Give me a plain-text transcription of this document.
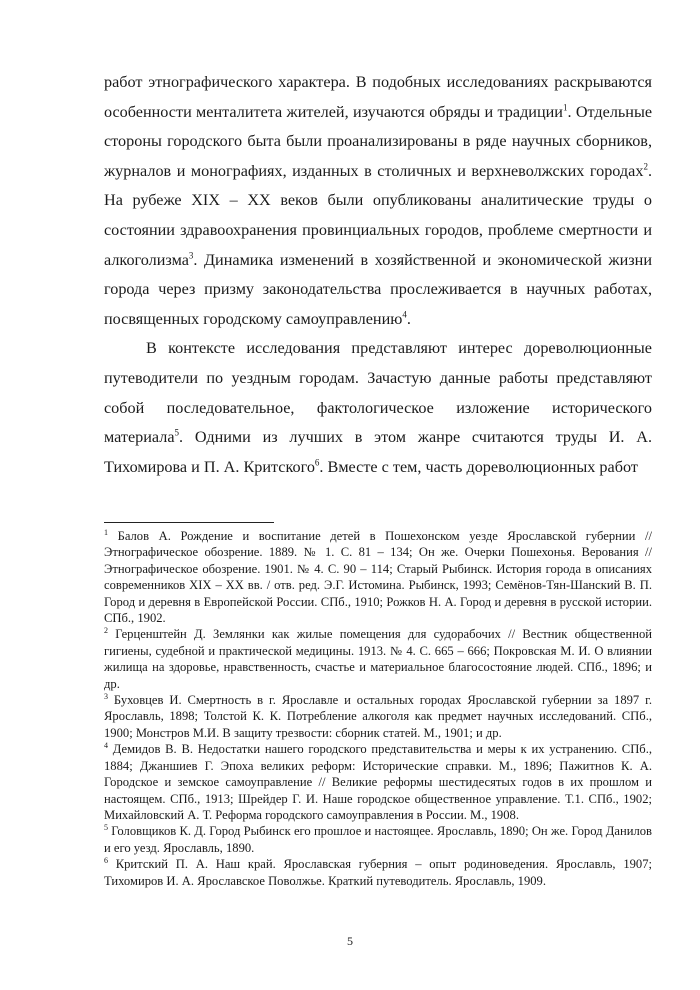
работ этнографического характера. В подобных исследованиях раскрываются особенности менталитета жителей, изучаются обряды и традиции$^1$. Отдельные стороны городского быта были проанализированы в ряде научных сборников, журналов и монографиях, изданных в столичных и верхневолжских городах$^2$. На рубеже XIX – XX веков были опубликованы аналитические труды о состоянии здравоохранения провинциальных городов, проблеме смертности и алкоголизма$^3$. Динамика изменений в хозяйственной и экономической жизни города через призму законодательства прослеживается в научных работах, посвященных городскому самоуправлению$^4$.

В контексте исследования представляют интерес дореволюционные путеводители по уездным городам. Зачастую данные работы представляют собой последовательное, фактологическое изложение исторического материала$^5$. Одними из лучших в этом жанре считаются труды И. А. Тихомирова и П. А. Критского$^6$. Вместе с тем, часть дореволюционных работ

$^1$ Балов А. Рождение и воспитание детей в Пошехонском уезде Ярославской губернии // Этнографическое обозрение. 1889. № 1. С. 81 – 134; Он же. Очерки Пошехонья. Верования // Этнографическое обозрение. 1901. № 4. С. 90 – 114; Старый Рыбинск. История города в описаниях современников XIX – XX вв. / отв. ред. Э.Г. Истомина. Рыбинск, 1993; Семёнов-Тян-Шанский В. П. Город и деревня в Европейской России. СПб., 1910; Рожков Н. А. Город и деревня в русской истории. СПб., 1902.

$^2$ Герценштейн Д. Землянки как жилые помещения для судорабочих // Вестник общественной гигиены, судебной и практической медицины. 1913. № 4. С. 665 – 666; Покровская М. И. О влиянии жилища на здоровье, нравственность, счастье и материальное благосостояние людей. СПб., 1896; и др.

$^3$ Буховцев И. Смертность в г. Ярославле и остальных городах Ярославской губернии за 1897 г. Ярославль, 1898; Толстой К. К. Потребление алкоголя как предмет научных исследований. СПб., 1900; Монстров М.И. В защиту трезвости: сборник статей. М., 1901; и др.

$^4$ Демидов В. В. Недостатки нашего городского представительства и меры к их устранению. СПб., 1884; Джаншиев Г. Эпоха великих реформ: Исторические справки. М., 1896; Пажитнов К. А. Городское и земское самоуправление // Великие реформы шестидесятых годов в их прошлом и настоящем. СПб., 1913; Шрейдер Г. И. Наше городское общественное управление. Т.1. СПб., 1902; Михайловский А. Т. Реформа городского самоуправления в России. М., 1908.

$^5$ Головщиков К. Д. Город Рыбинск его прошлое и настоящее. Ярославль, 1890; Он же. Город Данилов и его уезд. Ярославль, 1890.

$^6$ Критский П. А. Наш край. Ярославская губерния – опыт родиноведения. Ярославль, 1907; Тихомиров И. А. Ярославское Поволжье. Краткий путеводитель. Ярославль, 1909.

5
